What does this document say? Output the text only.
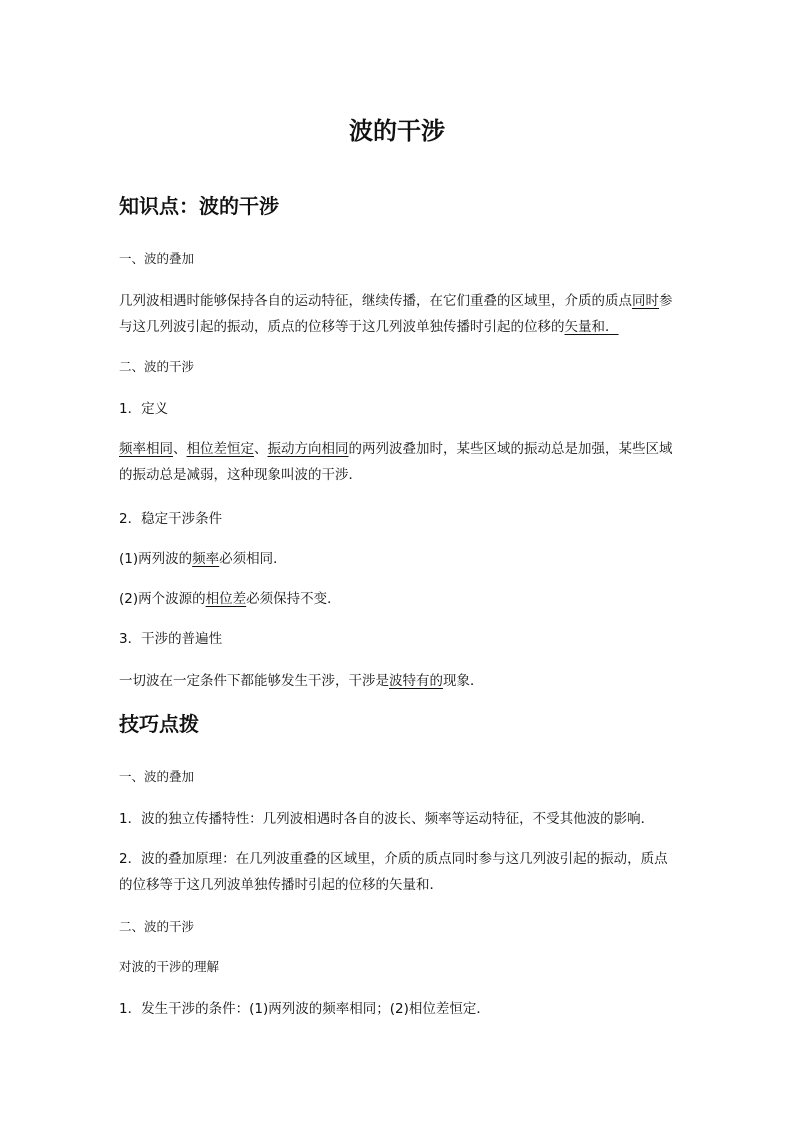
波的干涉
知识点：波的干涉
一、波的叠加

几列波相遇时能够保持各自的运动特征，继续传播，在它们重叠的区域里，介质的质点同时参与这几列波引起的振动，质点的位移等于这几列波单独传播时引起的位移的矢量和．

二、波的干涉

1．定义

频率相同、相位差恒定、振动方向相同的两列波叠加时，某些区域的振动总是加强，某些区域的振动总是减弱，这种现象叫波的干涉．

2．稳定干涉条件

(1)两列波的频率必须相同．

(2)两个波源的相位差必须保持不变．

3．干涉的普遍性

一切波在一定条件下都能够发生干涉，干涉是波特有的现象．

技巧点拨
一、波的叠加

1．波的独立传播特性：几列波相遇时各自的波长、频率等运动特征，不受其他波的影响．

2．波的叠加原理：在几列波重叠的区域里，介质的质点同时参与这几列波引起的振动，质点的位移等于这几列波单独传播时引起的位移的矢量和．

二、波的干涉
对波的干涉的理解

1．发生干涉的条件：(1)两列波的频率相同；(2)相位差恒定．
